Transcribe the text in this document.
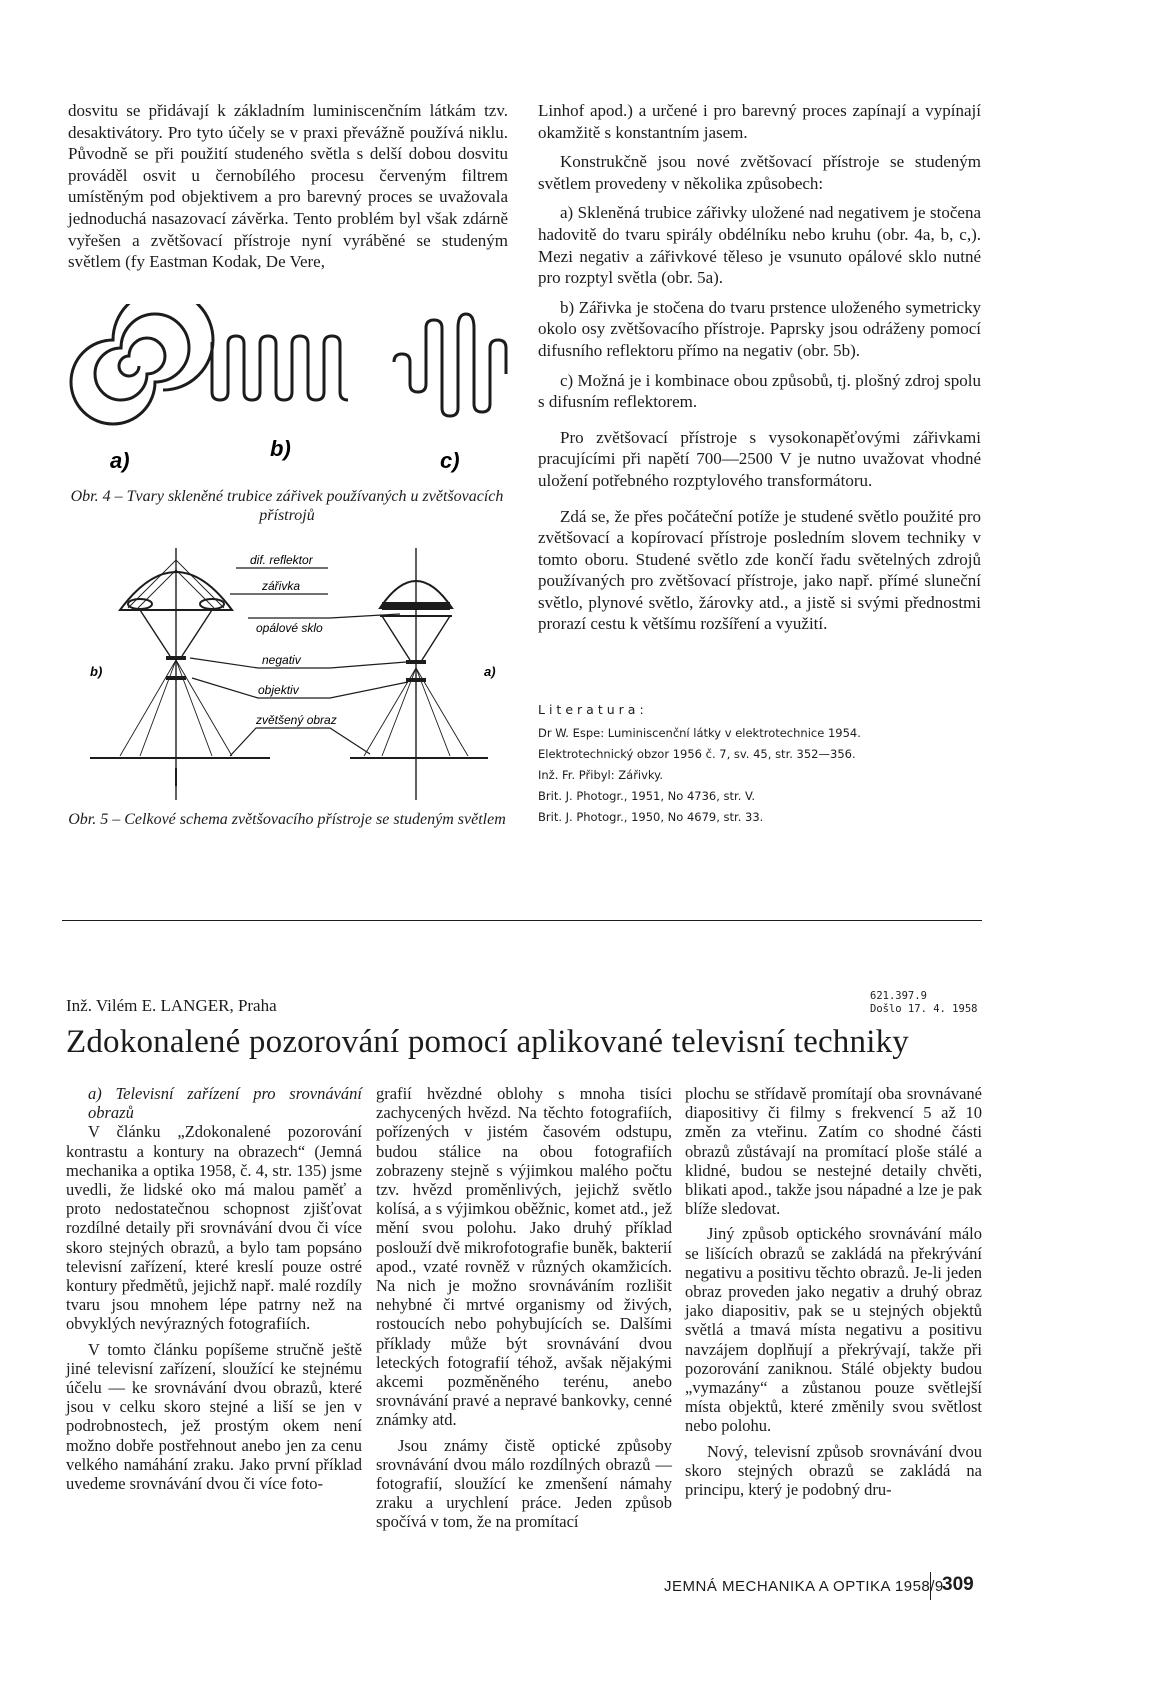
dosvitu se přidávají k základním luminiscenčním látkám tzv. desaktivátory. Pro tyto účely se v praxi převážně používá niklu. Původně se při použití studeného světla s delší dobou dosvitu prováděl osvit u černobílého procesu červeným filtrem umístěným pod objektivem a pro barevný proces se uvažovala jednoduchá nasazovací závěrka. Tento problém byl však zdárně vyřešen a zvětšovací přístroje nyní vyráběné se studeným světlem (fy Eastman Kodak, De Vere,

a)	b)	c)
Obr. 4 – Tvary skleněné trubice zářivek používaných u zvětšovacích přístrojů
dif. reflektor
zářivka
opálové sklo
negativ
objektiv
zvětšený obraz
b)	a)
Obr. 5 – Celkové schema zvětšovacího přístroje se studeným světlem

Linhof apod.) a určené i pro barevný proces zapínají a vypínají okamžitě s konstantním jasem.

Konstrukčně jsou nové zvětšovací přístroje se studeným světlem provedeny v několika způsobech:

a) Skleněná trubice zářivky uložené nad negativem je stočena hadovitě do tvaru spirály obdélníku nebo kruhu (obr. 4a, b, c,). Mezi negativ a zářivkové těleso je vsunuto opálové sklo nutné pro rozptyl světla (obr. 5a).

b) Zářivka je stočena do tvaru prstence uloženého symetricky okolo osy zvětšovacího přístroje. Paprsky jsou odráženy pomocí difusního reflektoru přímo na negativ (obr. 5b).

c) Možná je i kombinace obou způsobů, tj. plošný zdroj spolu s difusním reflektorem.

Pro zvětšovací přístroje s vysokonapěťovými zářivkami pracujícími při napětí 700—2500 V je nutno uvažovat vhodné uložení potřebného rozptylového transformátoru.

Zdá se, že přes počáteční potíže je studené světlo použité pro zvětšovací a kopírovací přístroje posledním slovem techniky v tomto oboru. Studené světlo zde končí řadu světelných zdrojů používaných pro zvětšovací přístroje, jako např. přímé sluneční světlo, plynové světlo, žárovky atd., a jistě si svými přednostmi prorazí cestu k většímu rozšíření a využití.

Literatura:
Dr W. Espe: Luminiscenční látky v elektrotechnice 1954.
Elektrotechnický obzor 1956 č. 7, sv. 45, str. 352—356.
Inž. Fr. Přibyl: Zářivky.
Brit. J. Photogr., 1951, No 4736, str. V.
Brit. J. Photogr., 1950, No 4679, str. 33.
Inž. Vilém E. LANGER, Praha	621.397.9
Došlo 17. 4. 1958
Zdokonalené pozorování pomocí aplikované televisní techniky

a) Televisní zařízení pro srovnávání obrazů

V článku „Zdokonalené pozorování kontrastu a kontury na obrazech“ (Jemná mechanika a optika 1958, č. 4, str. 135) jsme uvedli, že lidské oko má malou paměť a proto nedostatečnou schopnost zjišťovat rozdílné detaily při srovnávání dvou či více skoro stejných obrazů, a bylo tam popsáno televisní zařízení, které kreslí pouze ostré kontury předmětů, jejichž např. malé rozdíly tvaru jsou mnohem lépe patrny než na obvyklých nevýrazných fotografiích.

V tomto článku popíšeme stručně ještě jiné televisní zařízení, sloužící ke stejnému účelu — ke srovnávání dvou obrazů, které jsou v celku skoro stejné a liší se jen v podrobnostech, jež prostým okem není možno dobře postřehnout anebo jen za cenu velkého namáhání zraku. Jako první příklad uvedeme srovnávání dvou či více foto-

grafií hvězdné oblohy s mnoha tisíci zachycených hvězd. Na těchto fotografiích, pořízených v jistém časovém odstupu, budou stálice na obou fotografiích zobrazeny stejně s výjimkou malého počtu tzv. hvězd proměnlivých, jejichž světlo kolísá, a s výjimkou oběžnic, komet atd., jež mění svou polohu. Jako druhý příklad poslouží dvě mikrofotografie buněk, bakterií apod., vzaté rovněž v různých okamžicích. Na nich je možno srovnáváním rozlišit nehybné či mrtvé organismy od živých, rostoucích nebo pohybujících se. Dalšími příklady může být srovnávání dvou leteckých fotografií téhož, avšak nějakými akcemi pozměněného terénu, anebo srovnávání pravé a nepravé bankovky, cenné známky atd.

Jsou známy čistě optické způsoby srovnávání dvou málo rozdílných obrazů — fotografií, sloužící ke zmenšení námahy zraku a urychlení práce. Jeden způsob spočívá v tom, že na promítací

plochu se střídavě promítají oba srovnávané diapositivy či filmy s frekvencí 5 až 10 změn za vteřinu. Zatím co shodné části obrazů zůstávají na promítací ploše stálé a klidné, budou se nestejné detaily chvěti, blikati apod., takže jsou nápadné a lze je pak blíže sledovat.

Jiný způsob optického srovnávání málo se lišících obrazů se zakládá na překrývání negativu a positivu těchto obrazů. Je-li jeden obraz proveden jako negativ a druhý obraz jako diapositiv, pak se u stejných objektů světlá a tmavá místa negativu a positivu navzájem doplňují a překrývají, takže při pozorování zaniknou. Stálé objekty budou „vymazány“ a zůstanou pouze světlejší místa objektů, které změnily svou světlost nebo polohu.

Nový, televisní způsob srovnávání dvou skoro stejných obrazů se zakládá na principu, který je podobný dru-

JEMNÁ MECHANIKA A OPTIKA 1958/9
309
